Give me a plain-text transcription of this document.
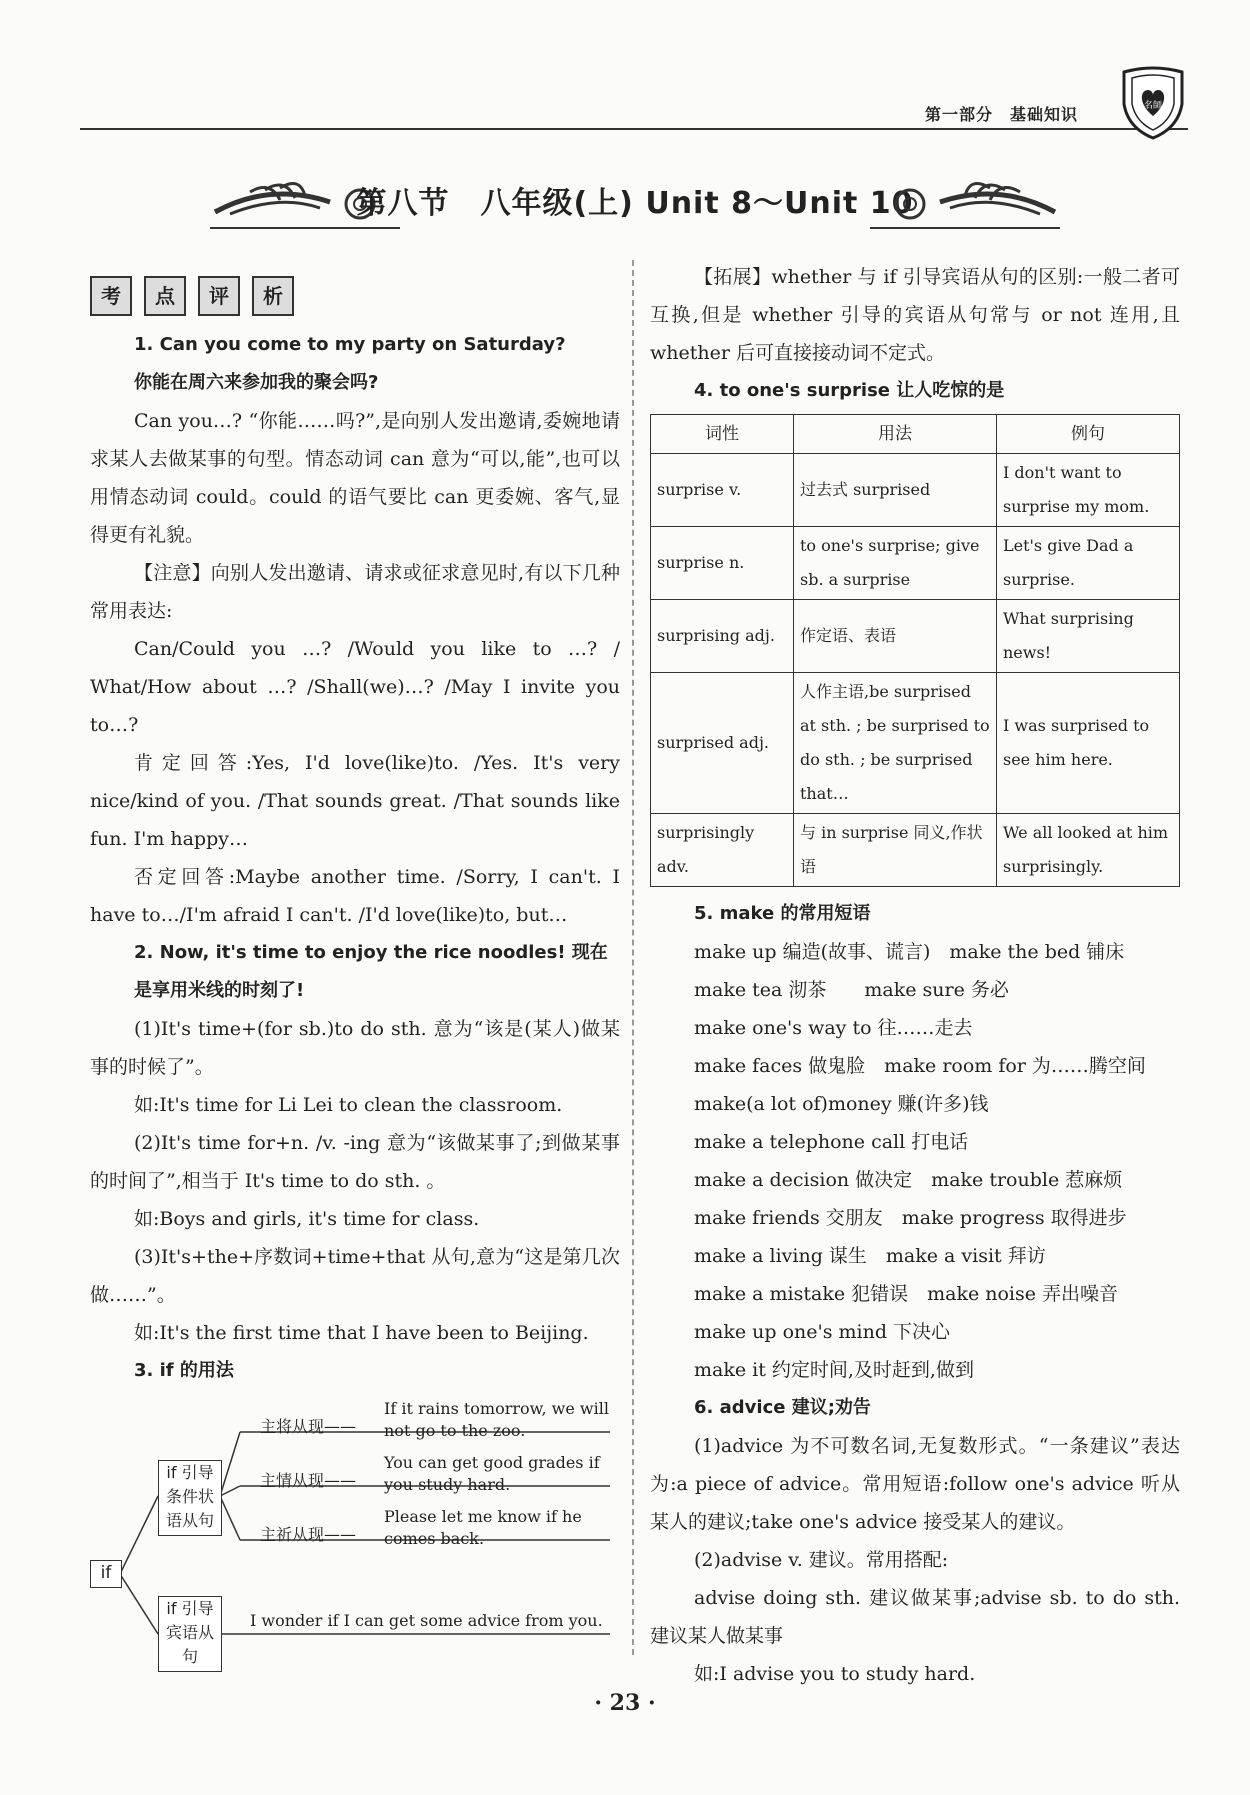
第一部分　基础知识	名師
第八节　八年级(上) Unit 8～Unit 10
考	点	评	析
1. Can you come to my party on Saturday?
你能在周六来参加我的聚会吗?

Can you…? “你能……吗?”,是向别人发出邀请,委婉地请求某人去做某事的句型。情态动词 can 意为“可以,能”,也可以用情态动词 could。could 的语气要比 can 更委婉、客气,显得更有礼貌。

【注意】向别人发出邀请、请求或征求意见时,有以下几种常用表达:

Can/Could you …? /Would you like to …? / What/How about …? /Shall(we)…? /May I invite you to…?

肯定回答:Yes, I'd love(like)to. /Yes. It's very nice/kind of you. /That sounds great. /That sounds like fun. I'm happy…

否定回答:Maybe another time. /Sorry, I can't. I have to…/I'm afraid I can't. /I'd love(like)to, but…

2. Now, it's time to enjoy the rice noodles! 现在是享用米线的时刻了!

(1)It's time+(for sb.)to do sth. 意为“该是(某人)做某事的时候了”。

如:It's time for Li Lei to clean the classroom.

(2)It's time for+n. /v. -ing 意为“该做某事了;到做某事的时间了”,相当于 It's time to do sth. 。

如:Boys and girls, it's time for class.

(3)It's+the+序数词+time+that 从句,意为“这是第几次做……”。

如:It's the first time that I have been to Beijing.

3. if 的用法
if
if 引导条件状语从句
if 引导宾语从句
主将从现——
If it rains tomorrow, we will not go to the zoo.
主情从现——
You can get good grades if you study hard.
主祈从现——
Please let me know if he comes back.
I wonder if I can get some advice from you.

【拓展】whether 与 if 引导宾语从句的区别:一般二者可互换,但是 whether 引导的宾语从句常与 or not 连用,且 whether 后可直接接动词不定式。

4. to one's surprise 让人吃惊的是
词性	用法	例句
surprise v.	过去式 surprised	I don't want to surprise my mom.
surprise n.	to one's surprise; give sb. a surprise	Let's give Dad a surprise.
surprising adj.	作定语、表语	What surprising news!
surprised adj.	人作主语,be surprised at sth. ; be surprised to do sth. ; be surprised that…	I was surprised to see him here.
surprisingly adv.	与 in surprise 同义,作状语	We all looked at him surprisingly.
5. make 的常用短语

make up 编造(故事、谎言)　make the bed 铺床

make tea 沏茶　　make sure 务必

make one's way to 往……走去

make faces 做鬼脸　make room for 为……腾空间

make(a lot of)money 赚(许多)钱

make a telephone call 打电话

make a decision 做决定　make trouble 惹麻烦

make friends 交朋友　make progress 取得进步

make a living 谋生　make a visit 拜访

make a mistake 犯错误　make noise 弄出噪音

make up one's mind 下决心

make it 约定时间,及时赶到,做到

6. advice 建议;劝告

(1)advice 为不可数名词,无复数形式。“一条建议”表达为:a piece of advice。常用短语:follow one's advice 听从某人的建议;take one's advice 接受某人的建议。

(2)advise v. 建议。常用搭配:

advise doing sth. 建议做某事;advise sb. to do sth. 建议某人做某事

如:I advise you to study hard.

· 23 ·
